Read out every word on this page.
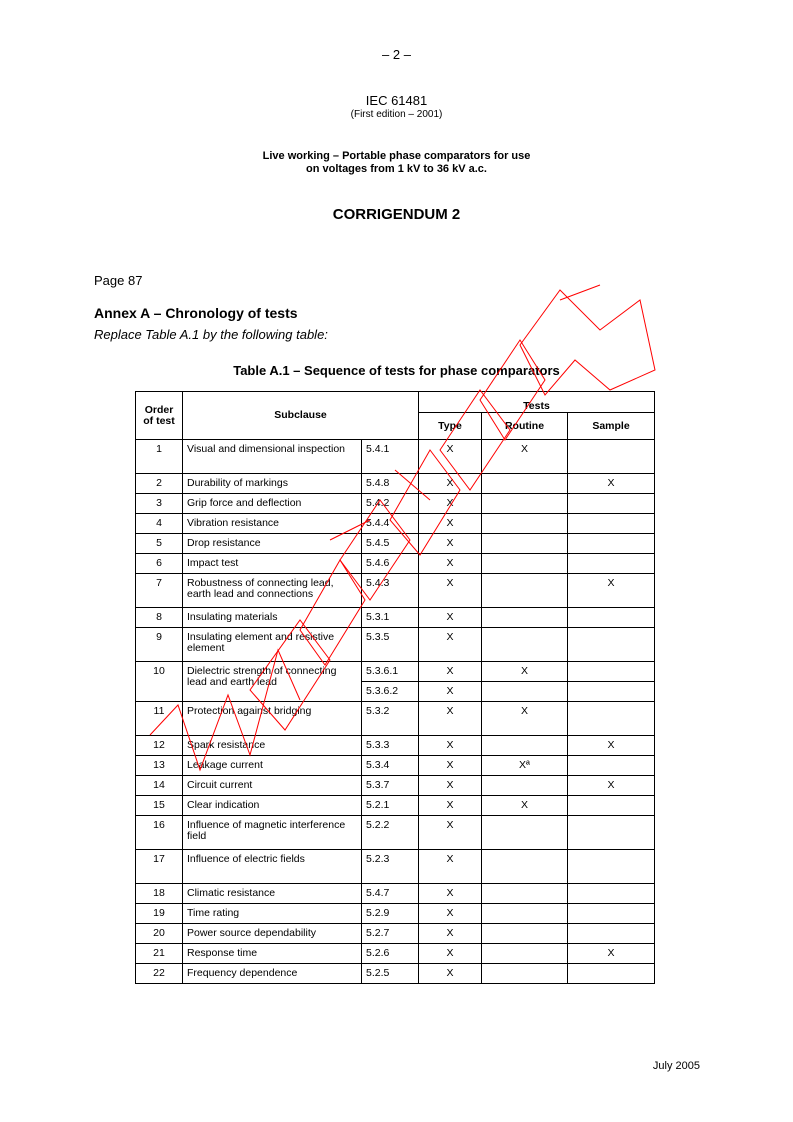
– 2 –
IEC 61481
(First edition – 2001)
Live working – Portable phase comparators for use
on voltages from 1 kV to 36 kV a.c.
CORRIGENDUM 2
Page 87
Annex A – Chronology of tests
Replace Table A.1 by the following table:
Table A.1 – Sequence of tests for phase comparators
Order of test	Subclause		Tests		
			Type	Routine	Sample
1	Visual and dimensional inspection	5.4.1	X	X	
2	Durability of markings	5.4.8	X		X
3	Grip force and deflection	5.4.2	X		
4	Vibration resistance	5.4.4	X		
5	Drop resistance	5.4.5	X		
6	Impact test	5.4.6	X		
7	Robustness of connecting lead, earth lead and connections	5.4.3	X		X
8	Insulating materials	5.3.1	X		
9	Insulating element and resistive element	5.3.5	X		
10	Dielectric strength of connecting lead and earth lead	5.3.6.1	X	X	
		5.3.6.2	X		
11	Protection against bridging	5.3.2	X	X	
12	Spark resistance	5.3.3	X		X
13	Leakage current	5.3.4	X	Xª	
14	Circuit current	5.3.7	X		X
15	Clear indication	5.2.1	X	X	
16	Influence of magnetic interference field	5.2.2	X		
17	Influence of electric fields	5.2.3	X		
18	Climatic resistance	5.4.7	X		
19	Time rating	5.2.9	X		
20	Power source dependability	5.2.7	X		
21	Response time	5.2.6	X		X
22	Frequency dependence	5.2.5	X		
July 2005
